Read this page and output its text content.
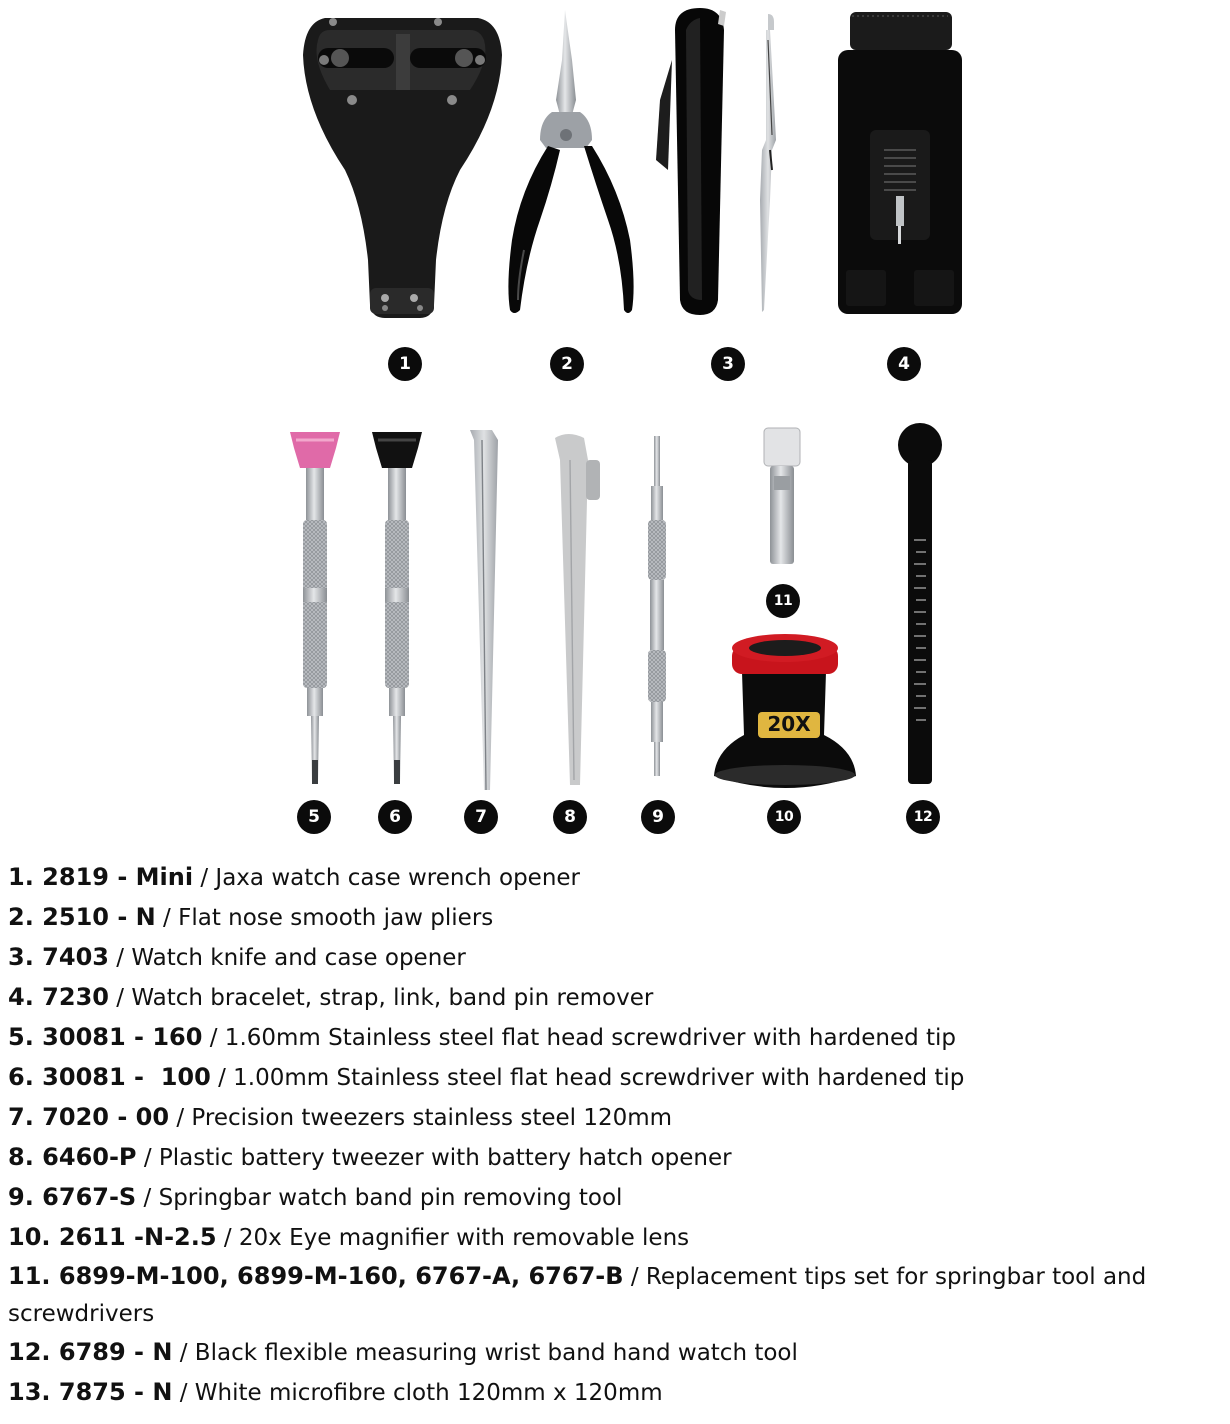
20X
1	2	3	4
5	6	7	8	9	10
11
12
1. 2819 - Mini / Jaxa watch case wrench opener
2. 2510 - N / Flat nose smooth jaw pliers
3. 7403 / Watch knife and case opener
4. 7230 / Watch bracelet, strap, link, band pin remover
5. 30081 - 160 / 1.60mm Stainless steel flat head screwdriver with hardened tip
6. 30081 -  100 / 1.00mm Stainless steel flat head screwdriver with hardened tip
7. 7020 - 00 / Precision tweezers stainless steel 120mm
8. 6460-P / Plastic battery tweezer with battery hatch opener
9. 6767-S / Springbar watch band pin removing tool
10. 2611 -N-2.5 / 20x Eye magnifier with removable lens
11. 6899-M-100, 6899-M-160, 6767-A, 6767-B / Replacement tips set for springbar tool and screwdrivers
12. 6789 - N / Black flexible measuring wrist band hand watch tool
13. 7875 - N / White microfibre cloth 120mm x 120mm
